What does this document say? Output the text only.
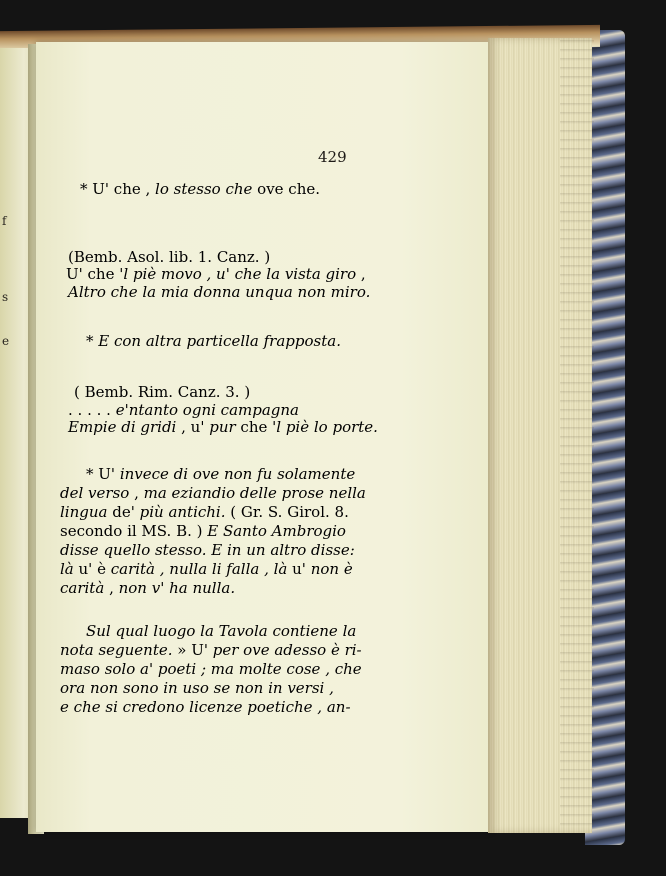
f
s
e
429
* U' che , lo stesso che ove che.
(Bemb. Asol. lib. 1. Canz. )
U' che 'l piè movo , u' che la vista giro ,
Altro che la mia donna unqua non miro.
* E con altra particella frapposta.
( Bemb. Rim. Canz. 3. )
. . . . . e'ntanto ogni campagna
Empie di gridi , u' pur che 'l piè lo porte.
* U' invece di ove non fu solamente
del verso , ma eziandio delle prose nella
lingua de' più antichi. ( Gr. S. Girol. 8.
secondo il MS. B. ) E Santo Ambrogio
disse quello stesso. E in un altro disse:
là u' è carità , nulla li falla , là u' non è
carità , non v' ha nulla.
Sul qual luogo la Tavola contiene la
nota seguente. » U' per ove adesso è ri-
maso solo a' poeti ; ma molte cose , che
ora non sono in uso se non in versi ,
e che si credono licenze poetiche , an-
